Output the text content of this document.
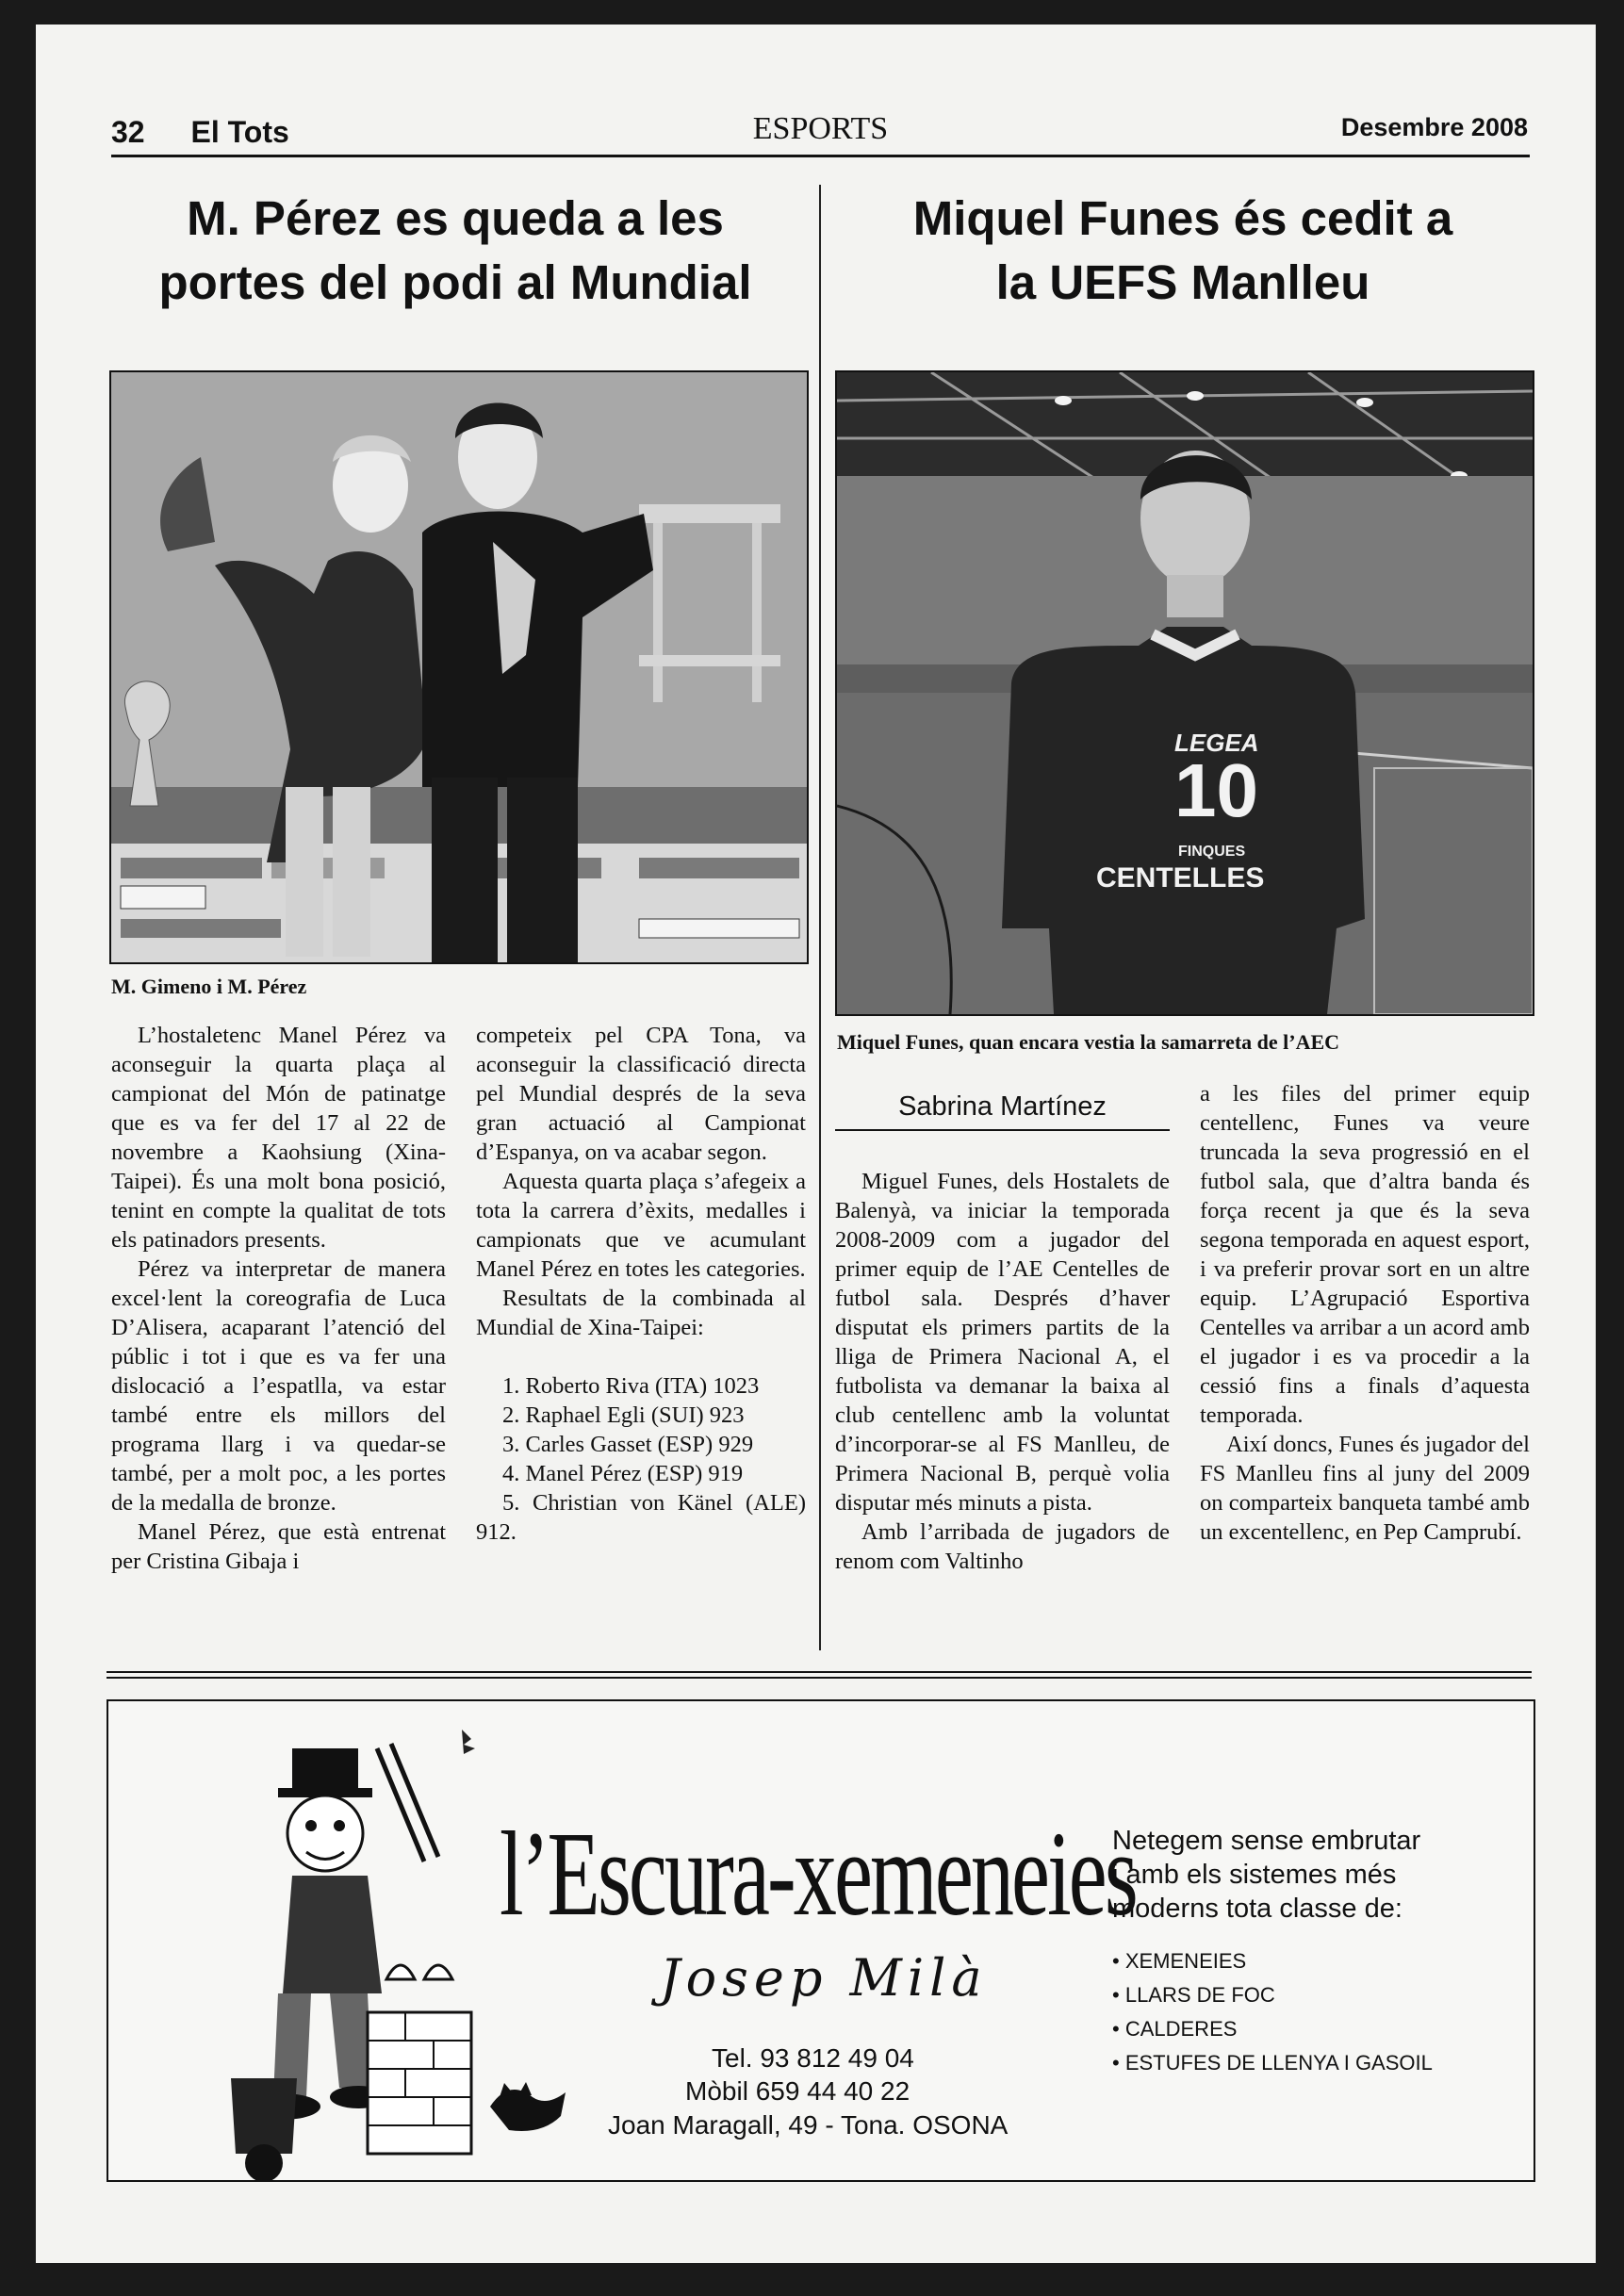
32 El Tots	ESPORTS	Desembre 2008
M. Pérez es queda a les
portes del podi al Mundial
M. Gimeno i M. Pérez

L’hostaletenc Manel Pérez va aconseguir la quarta plaça al campionat del Món de patinatge que es va fer del 17 al 22 de novembre a Kaohsiung (Xina-Taipei). És una molt bona posició, tenint en compte la qualitat de tots els patinadors presents.

Pérez va interpretar de manera excel·lent la coreografia de Luca D’Alisera, acaparant l’atenció del públic i tot i que es va fer una dislocació a l’espatlla, va estar també entre els millors del programa llarg i va quedar-se també, per a molt poc, a les portes de la medalla de bronze.

Manel Pérez, que està entrenat per Cristina Gibaja i

competeix pel CPA Tona, va aconseguir la classificació directa pel Mundial després de la seva gran actuació al Campionat d’Espanya, on va acabar segon.

Aquesta quarta plaça s’afegeix a tota la carrera d’èxits, medalles i campionats que ve acumulant Manel Pérez en totes les categories.

Resultats de la combinada al Mundial de Xina-Taipei:

1. Roberto Riva (ITA) 1023

2. Raphael Egli (SUI) 923

3. Carles Gasset (ESP) 929

4. Manel Pérez (ESP) 919

5. Christian von Känel (ALE) 912.

Miquel Funes és cedit a
la UEFS Manlleu
LEGEA
10
FINQUES
CENTELLES
Miquel Funes, quan encara vestia la samarreta de l’AEC
Sabrina Martínez

Miguel Funes, dels Hostalets de Balenyà, va iniciar la temporada 2008-2009 com a jugador del primer equip de l’AE Centelles de futbol sala. Després d’haver disputat els primers partits de la lliga de Primera Nacional A, el futbolista va demanar la baixa al club centellenc amb la voluntat d’incorporar-se al FS Manlleu, de Primera Nacional B, perquè volia disputar més minuts a pista.

Amb l’arribada de jugadors de renom com Valtinho

a les files del primer equip centellenc, Funes va veure truncada la seva progressió en el futbol sala, que d’altra banda és força recent ja que és la seva segona temporada en aquest esport, i va preferir provar sort en un altre equip. L’Agrupació Esportiva Centelles va arribar a un acord amb el jugador i es va procedir a la cessió fins a finals d’aquesta temporada.

Així doncs, Funes és jugador del FS Manlleu fins al juny del 2009 on comparteix banqueta també amb un excentellenc, en Pep Camprubí.

l’Escura-xemeneies
Josep Milà
Tel. 93 812 49 04
Mòbil 659 44 40 22
Joan Maragall, 49 - Tona. OSONA
Netegem sense embrutar
i amb els sistemes més
moderns tota classe de:
• XEMENEIES
• LLARS DE FOC
• CALDERES
• ESTUFES DE LLENYA I GASOIL
